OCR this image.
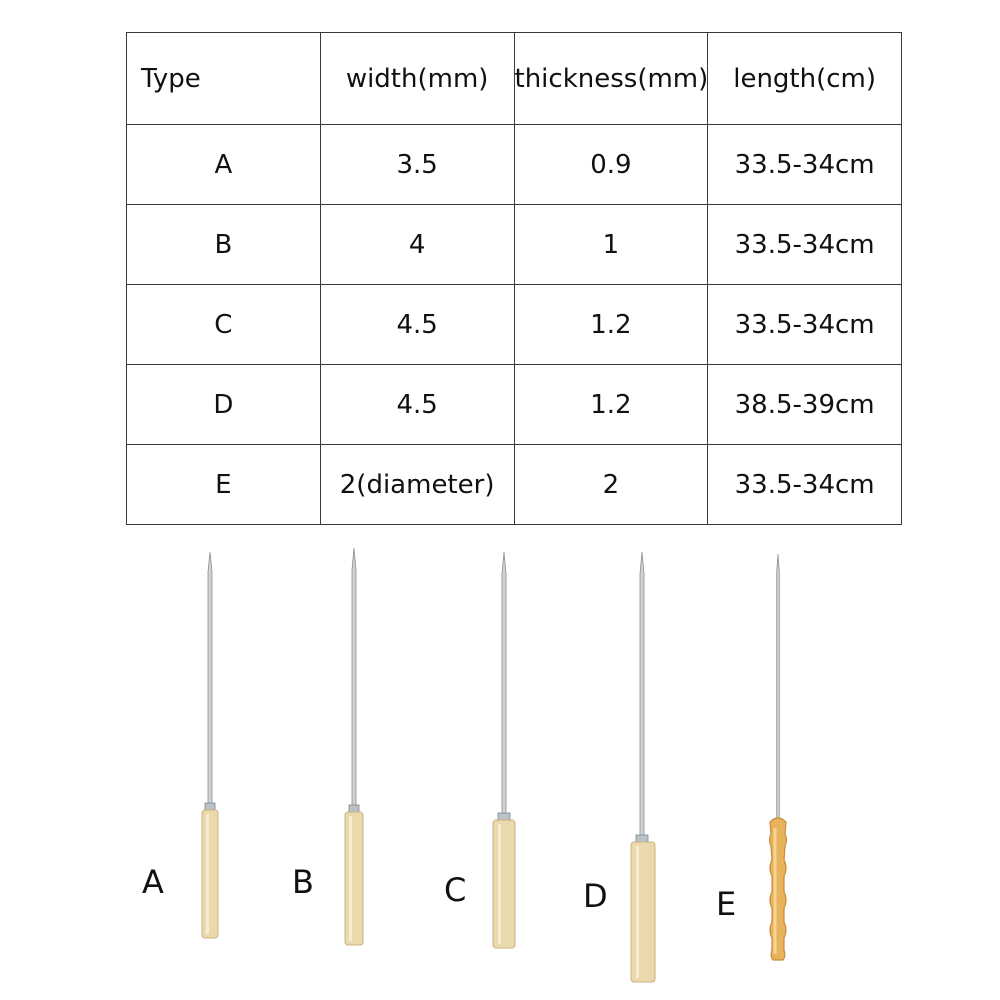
Type	width(mm)	thickness(mm)	length(cm)
A	3.5	0.9	33.5-34cm
B	4	1	33.5-34cm
C	4.5	1.2	33.5-34cm
D	4.5	1.2	38.5-39cm
E	2(diameter)	2	33.5-34cm
A	B	C	D	E
